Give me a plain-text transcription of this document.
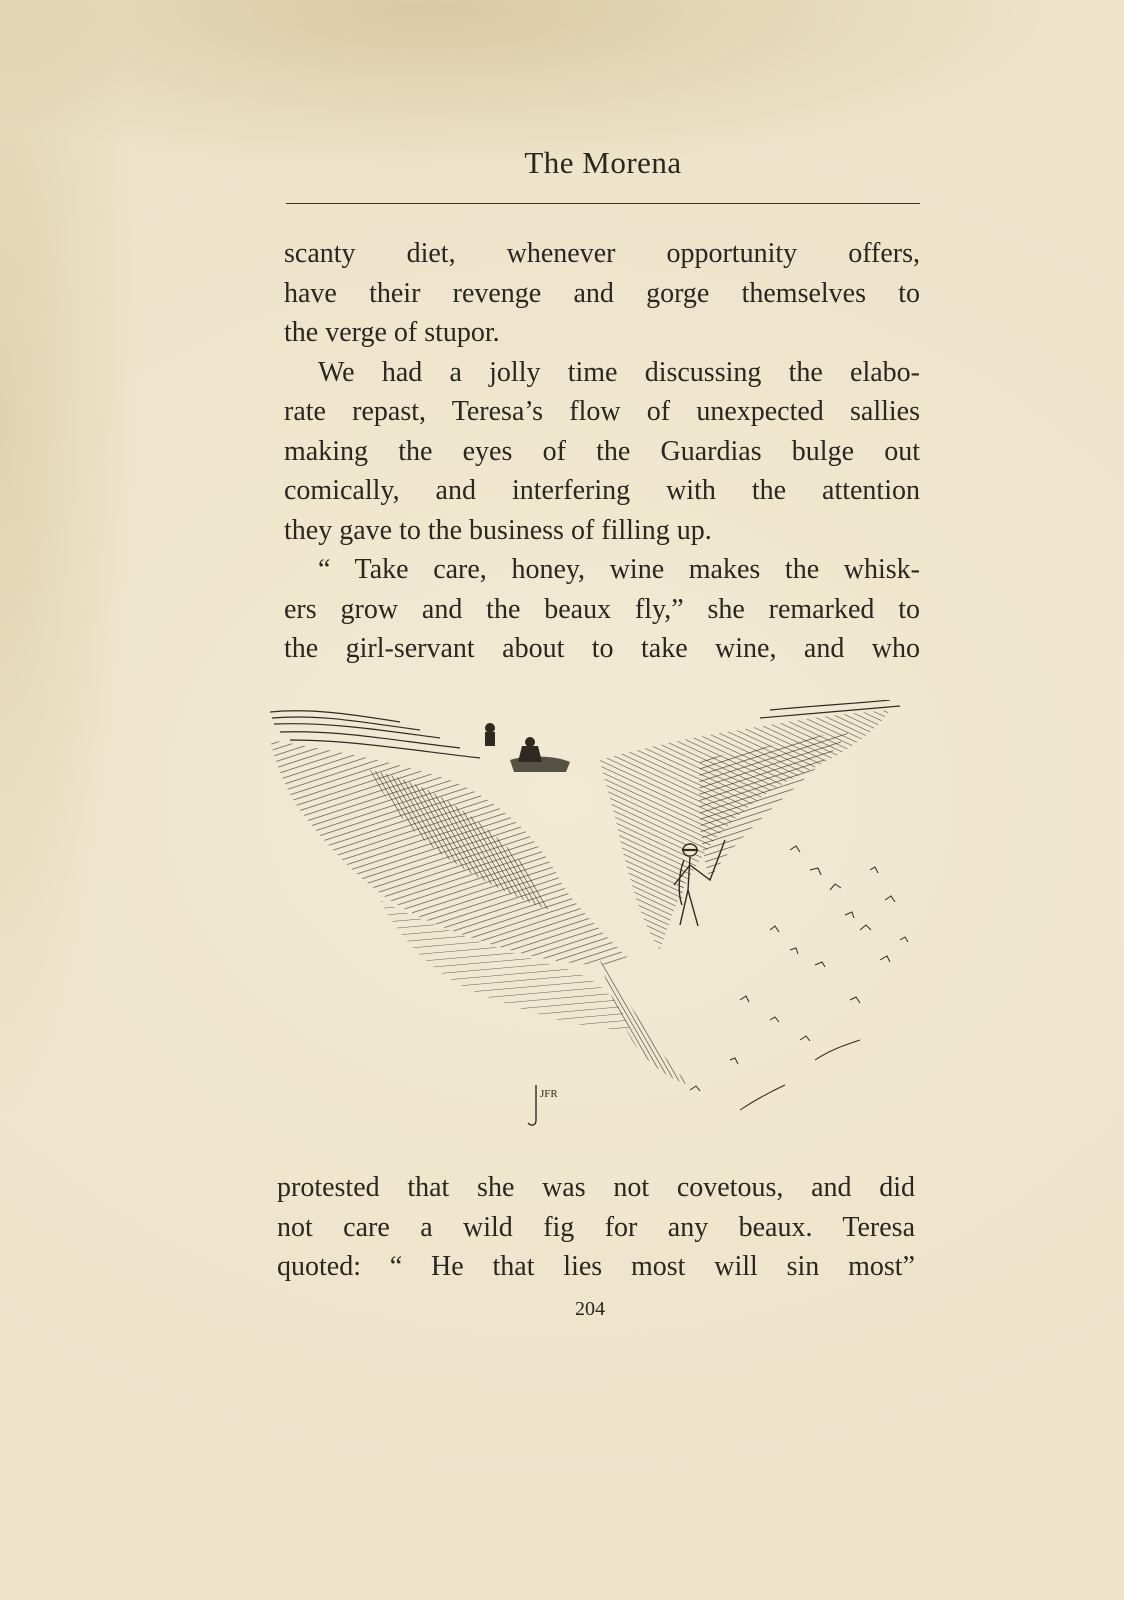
The Morena
scanty diet, whenever opportunity offers,
have their revenge and gorge themselves to
the verge of stupor.
We had a jolly time discussing the elabo-
rate repast, Teresa’s flow of unexpected sallies
making the eyes of the Guardias bulge out
comically, and interfering with the attention
they gave to the business of filling up.
“ Take care, honey, wine makes the whisk-
ers grow and the beaux fly,” she remarked to
the girl-servant about to take wine, and who
JFR
protested that she was not covetous, and did
not care a wild fig for any beaux. Teresa
quoted: “ He that lies most will sin most”
204
